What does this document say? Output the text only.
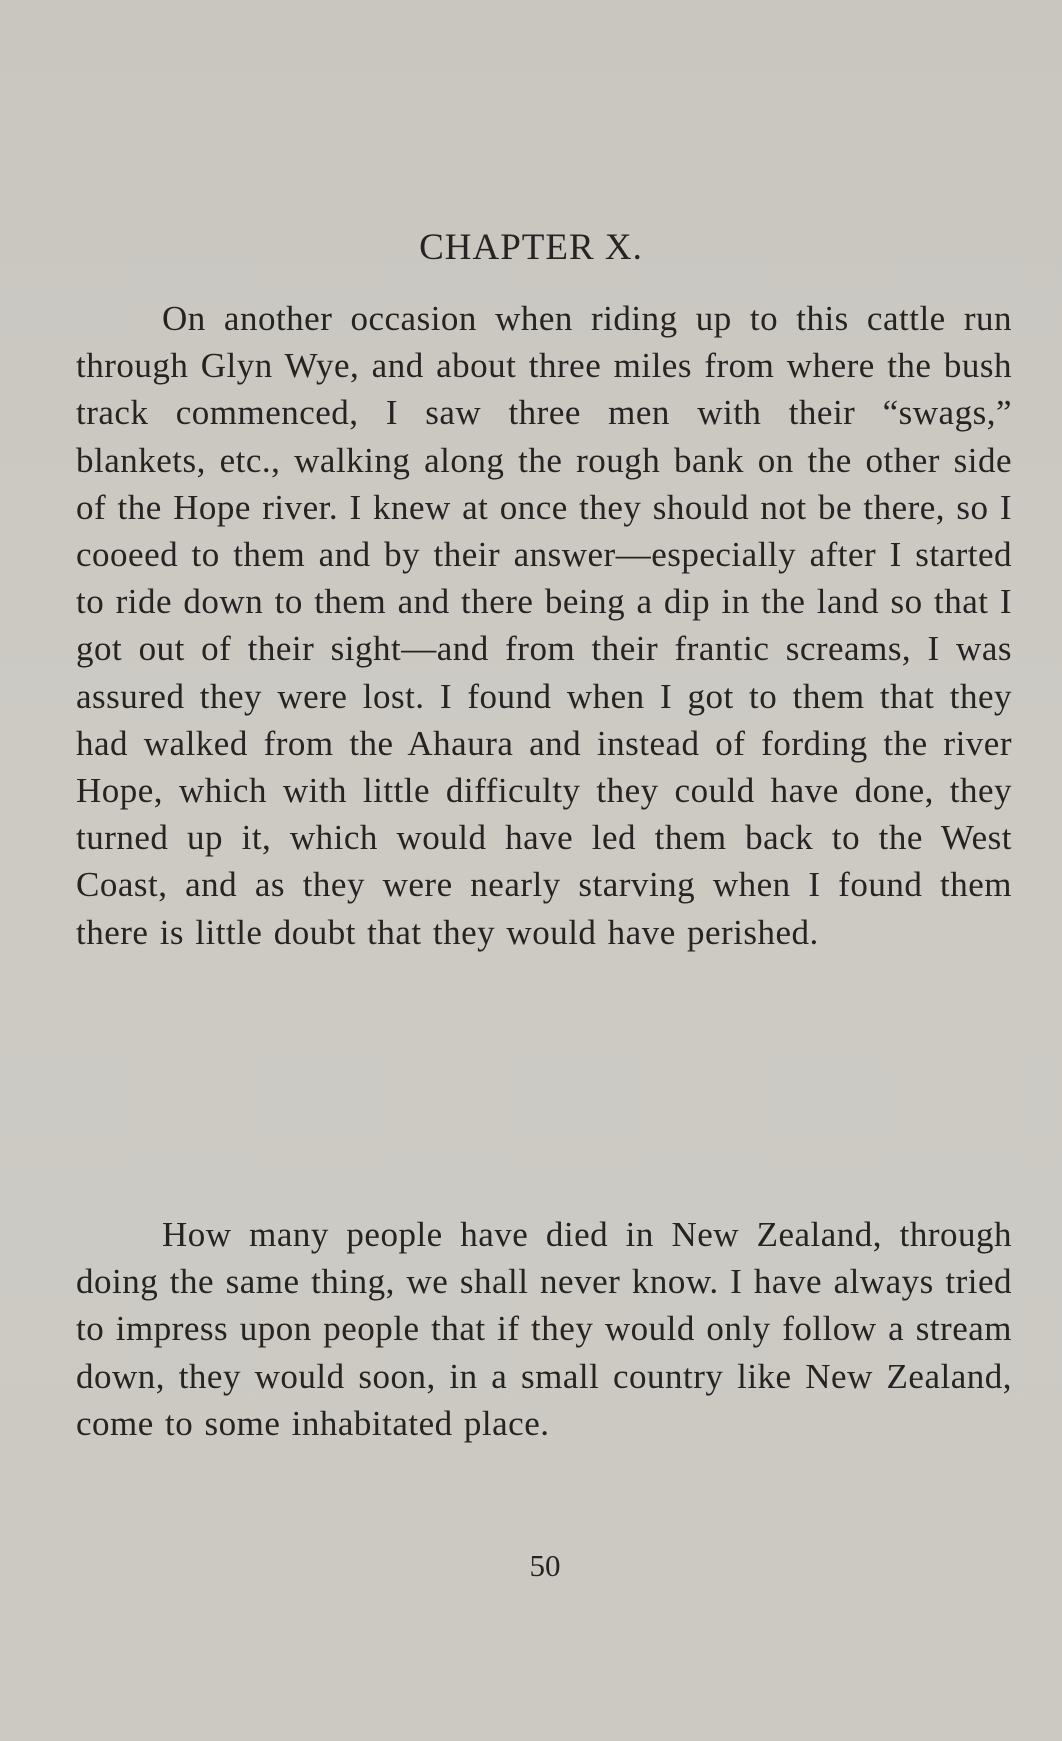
CHAPTER X.

On another occasion when riding up to this cattle run through Glyn Wye, and about three miles from where the bush track commenced, I saw three men with their “swags,” blankets, etc., walking along the rough bank on the other side of the Hope river. I knew at once they should not be there, so I cooeed to them and by their answer—especially after I started to ride down to them and there being a dip in the land so that I got out of their sight—and from their frantic screams, I was assured they were lost. I found when I got to them that they had walked from the Ahaura and instead of fording the river Hope, which with little difficulty they could have done, they turned up it, which would have led them back to the West Coast, and as they were nearly starving when I found them there is little doubt that they would have perished.

How many people have died in New Zealand, through doing the same thing, we shall never know. I have always tried to impress upon people that if they would only follow a stream down, they would soon, in a small country like New Zealand, come to some inhabitated place.

50
